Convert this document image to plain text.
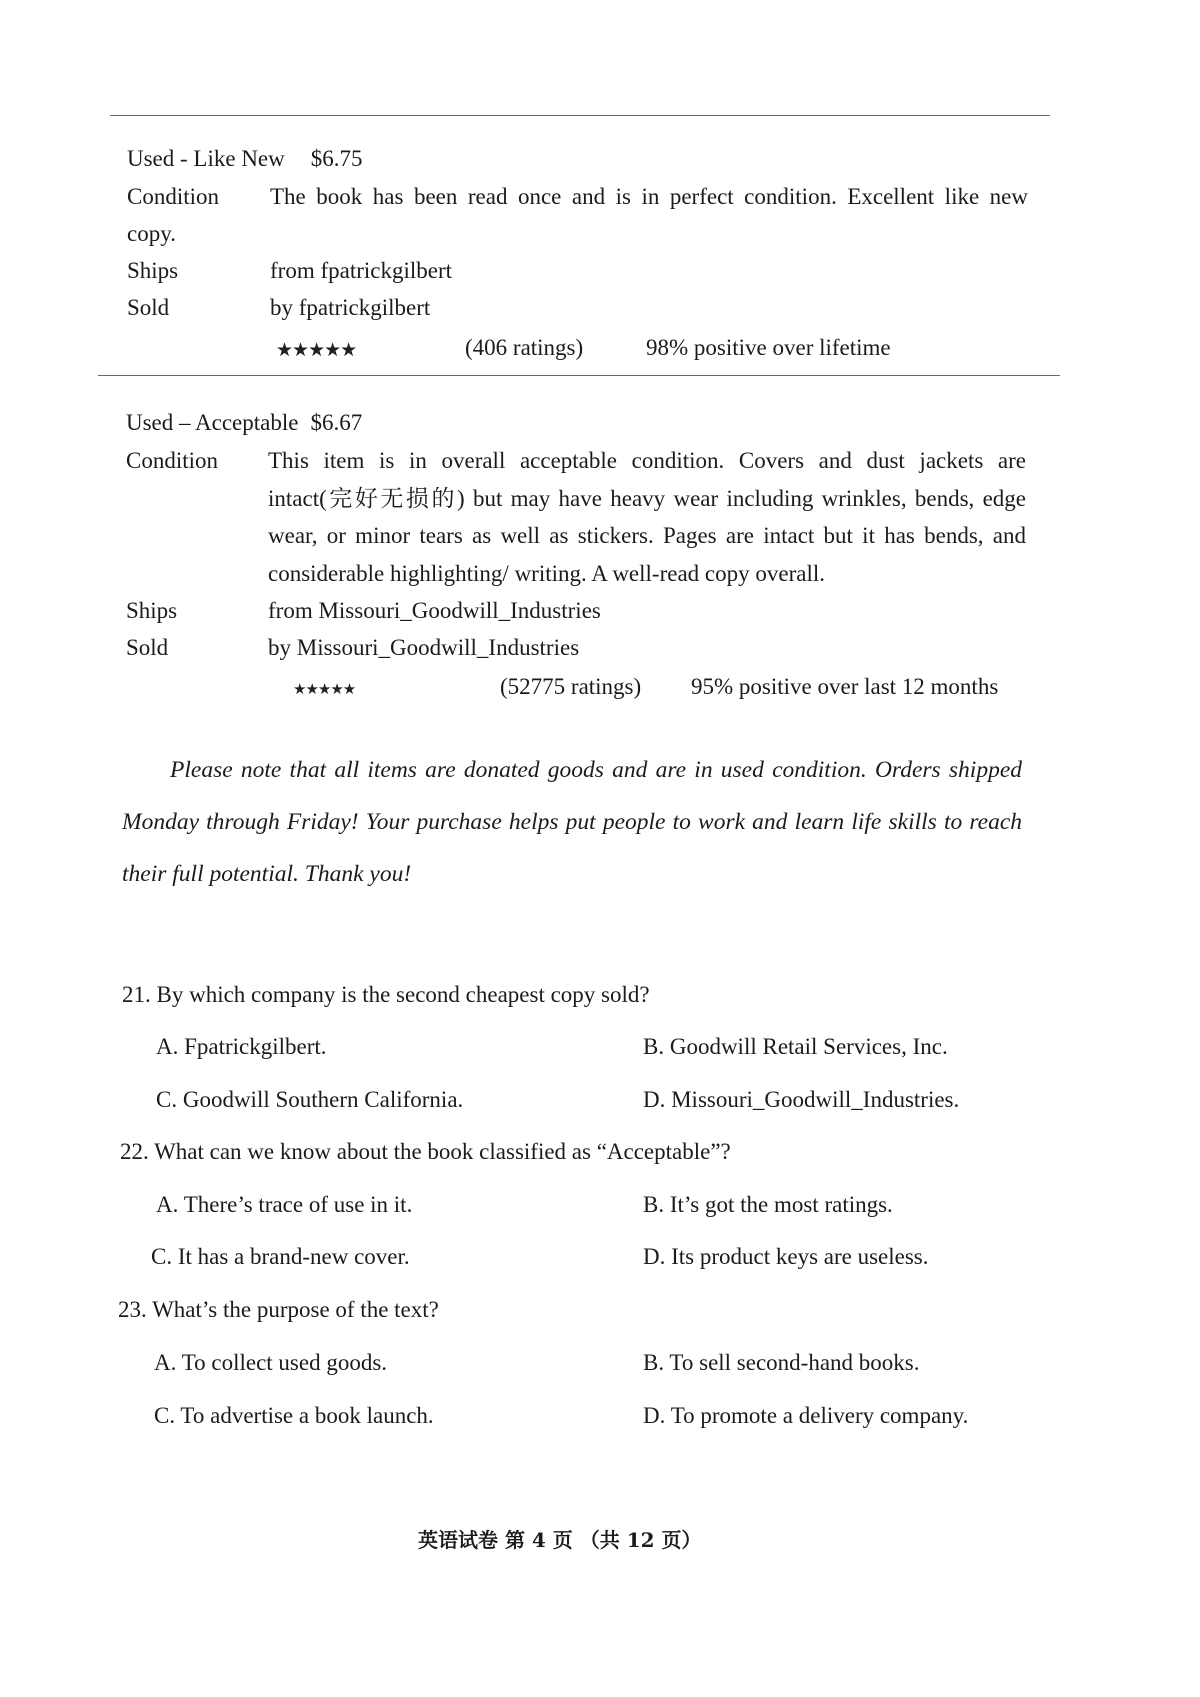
Used - Like New $6.75
Condition The book has been read once and is in perfect condition. Excellent like new
copy.
Ships	from fpatrickgilbert
Sold	by fpatrickgilbert
★★★★★	(406 ratings)	98% positive over lifetime
Used – Acceptable $6.67
Condition This item is in overall acceptable condition. Covers and dust jackets are
intact(完好无损的) but may have heavy wear including wrinkles, bends, edge
wear, or minor tears as well as stickers. Pages are intact but it has bends, and
considerable highlighting/ writing. A well-read copy overall.
Ships	from Missouri_Goodwill_Industries
Sold	by Missouri_Goodwill_Industries
★★★★★	(52775 ratings) 95% positive over last 12 months
Please note that all items are donated goods and are in used condition. Orders shipped
Monday through Friday! Your purchase helps put people to work and learn life skills to reach
their full potential. Thank you!
21. By which company is the second cheapest copy sold?
A. Fpatrickgilbert.	B. Goodwill Retail Services, Inc.
C. Goodwill Southern California.	D. Missouri_Goodwill_Industries.
22. What can we know about the book classified as “Acceptable”?
A. There’s trace of use in it.	B. It’s got the most ratings.
C. It has a brand-new cover.	D. Its product keys are useless.
23. What’s the purpose of the text?
A. To collect used goods.	B. To sell second-hand books.
C. To advertise a book launch.	D. To promote a delivery company.
英语试卷 第 4 页 （共 12 页）
